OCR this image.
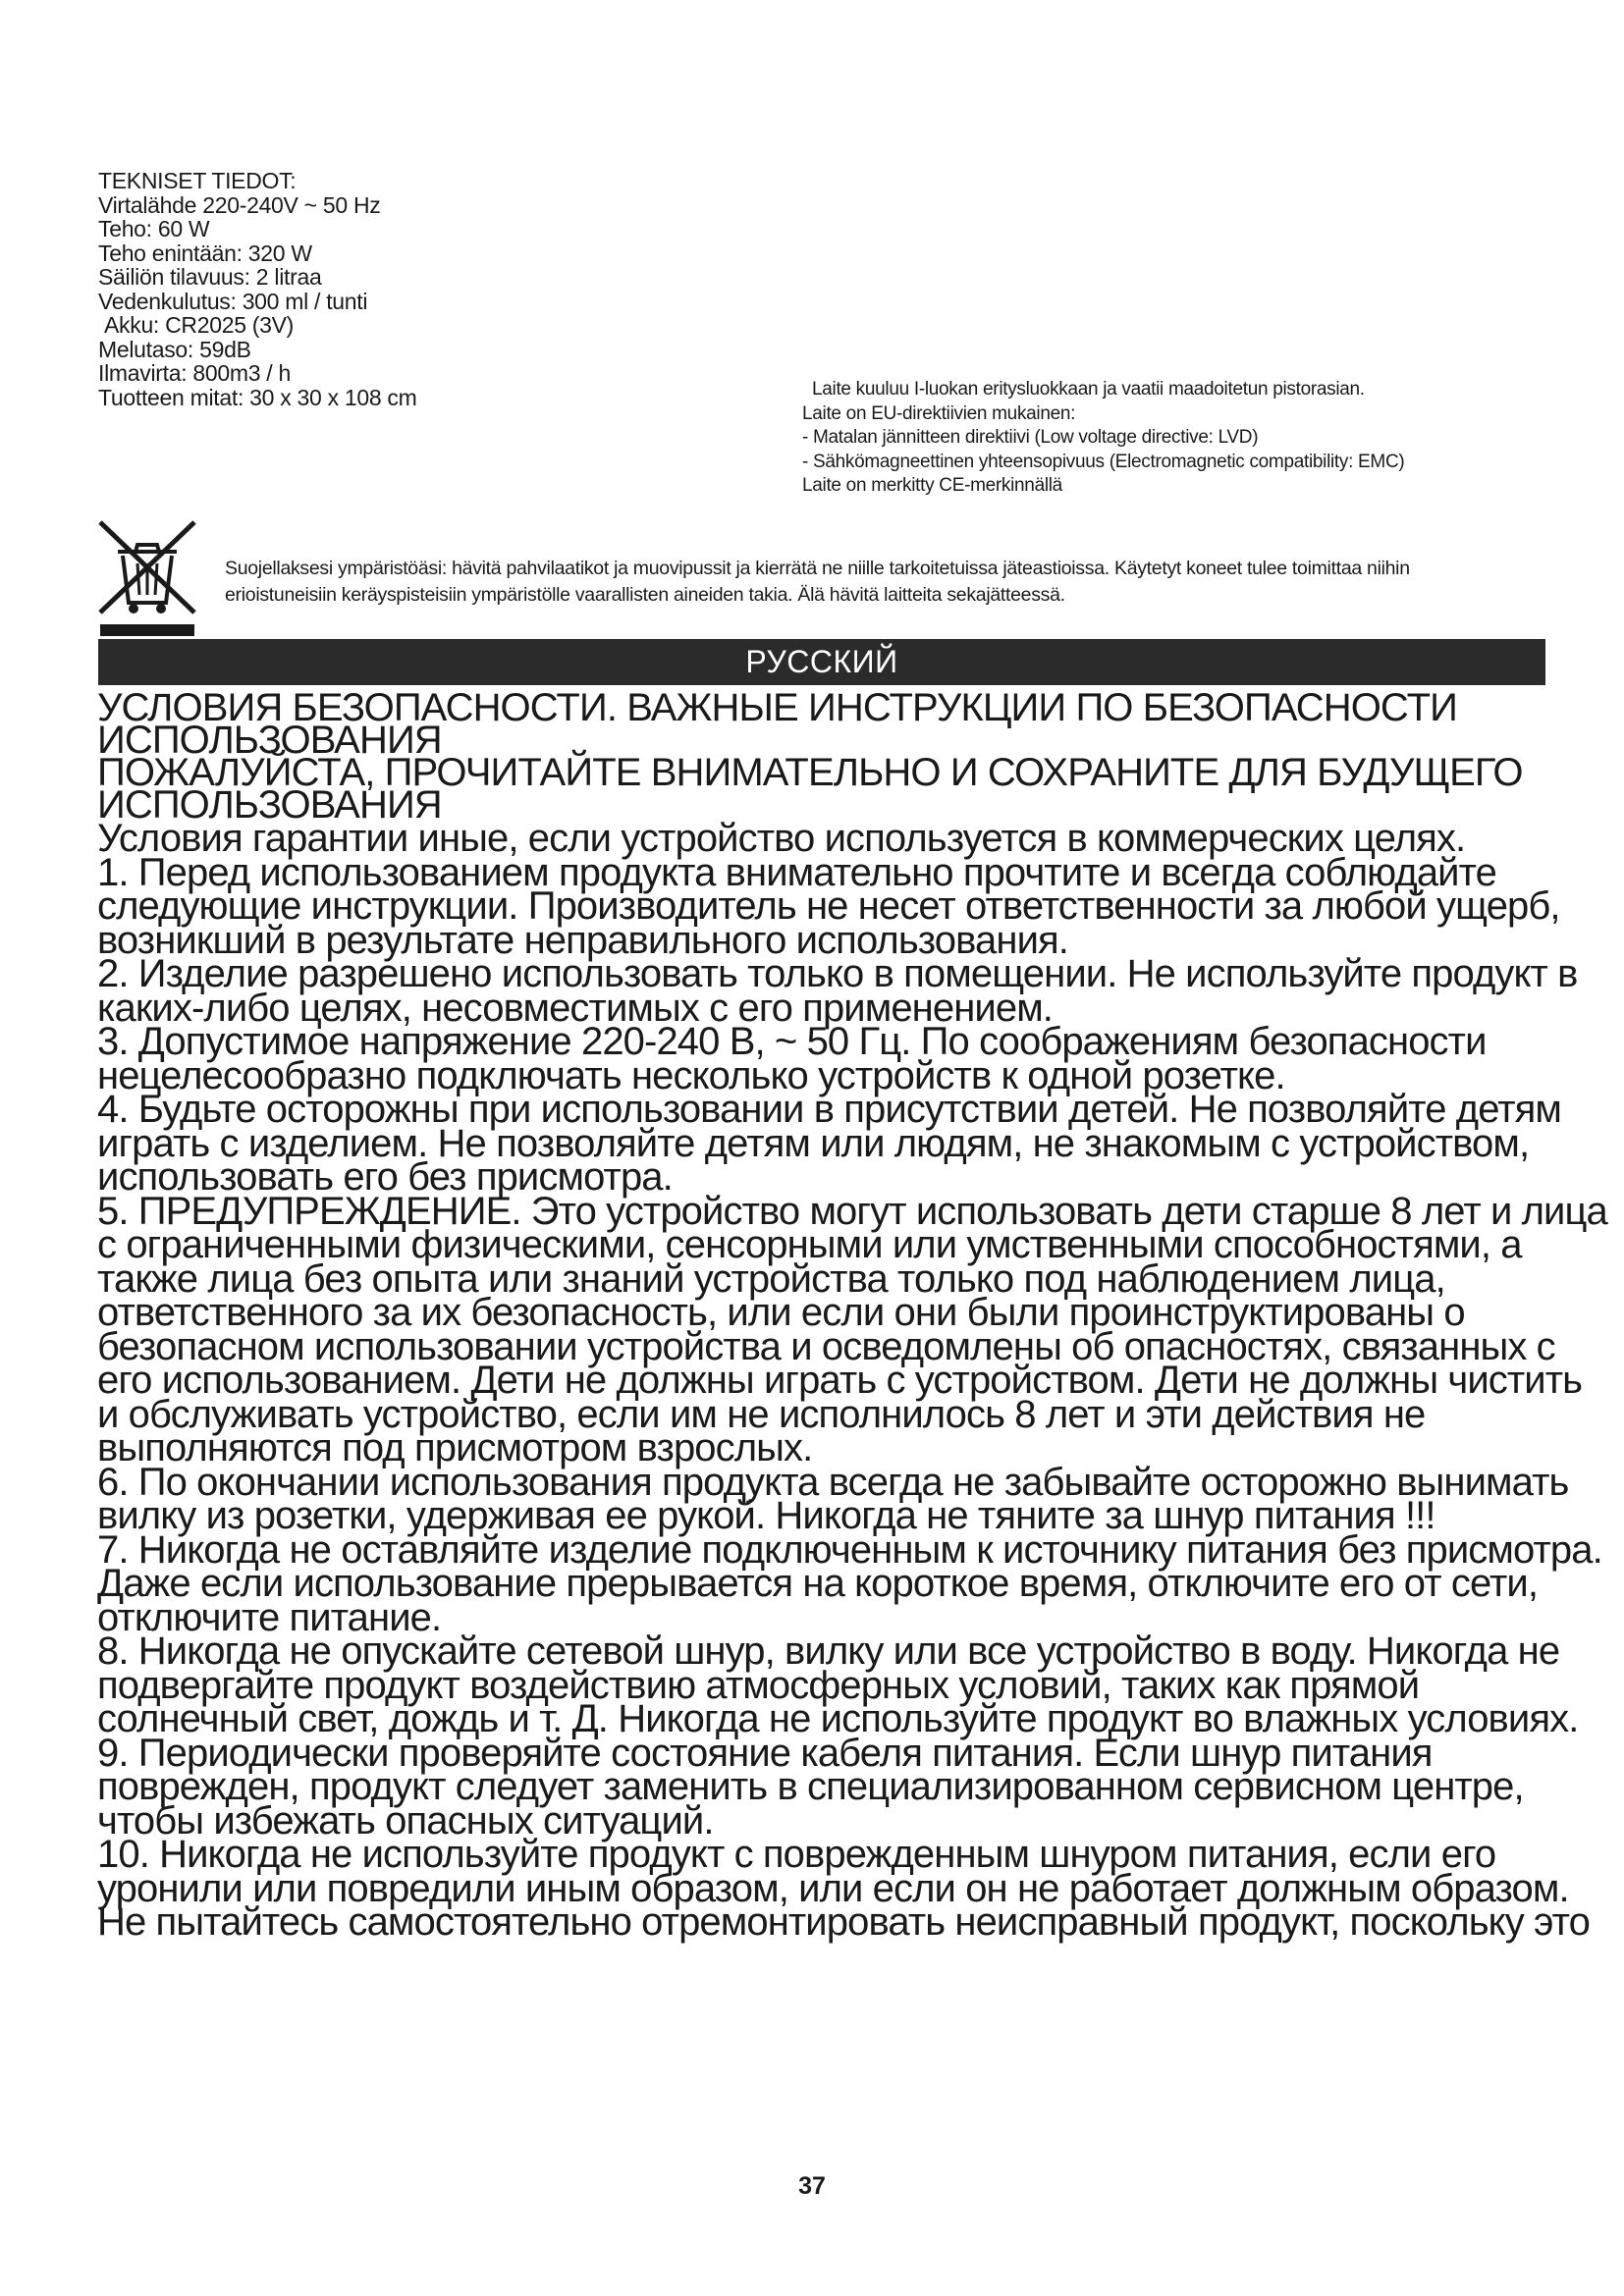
TEKNISET TIEDOT:
Virtalähde 220-240V ~ 50 Hz
Teho: 60 W
Teho enintään: 320 W
Säiliön tilavuus: 2 litraa
Vedenkulutus: 300 ml / tunti
Akku: CR2025 (3V)
Melutaso: 59dB
Ilmavirta: 800m3 / h
Tuotteen mitat: 30 x 30 x 108 cm	Laite kuuluu I-luokan eritysluokkaan ja vaatii maadoitetun pistorasian.
Laite on EU-direktiivien mukainen:
- Matalan jännitteen direktiivi (Low voltage directive: LVD)
- Sähkömagneettinen yhteensopivuus (Electromagnetic compatibility: EMC)
Laite on merkitty CE-merkinnällä
Suojellaksesi ympäristöäsi: hävitä pahvilaatikot ja muovipussit ja kierrätä ne niille tarkoitetuissa jäteastioissa. Käytetyt koneet tulee toimittaa niihin
erioistuneisiin keräyspisteisiin ympäristölle vaarallisten aineiden takia. Älä hävitä laitteita sekajätteessä.
РУССКИЙ
УСЛОВИЯ БЕЗОПАСНОСТИ. ВАЖНЫЕ ИНСТРУКЦИИ ПО БЕЗОПАСНОСТИ
ИСПОЛЬЗОВАНИЯ
ПОЖАЛУЙСТА, ПРОЧИТАЙТЕ ВНИМАТЕЛЬНО И СОХРАНИТЕ ДЛЯ БУДУЩЕГО
ИСПОЛЬЗОВАНИЯ
Условия гарантии иные, если устройство используется в коммерческих целях.
1. Перед использованием продукта внимательно прочтите и всегда соблюдайте
следующие инструкции. Производитель не несет ответственности за любой ущерб,
возникший в результате неправильного использования.
2. Изделие разрешено использовать только в помещении. Не используйте продукт в
каких-либо целях, несовместимых с его применением.
3. Допустимое напряжение 220-240 В, ~ 50 Гц. По соображениям безопасности
нецелесообразно подключать несколько устройств к одной розетке.
4. Будьте осторожны при использовании в присутствии детей. Не позволяйте детям
играть с изделием. Не позволяйте детям или людям, не знакомым с устройством,
использовать его без присмотра.
5. ПРЕДУПРЕЖДЕНИЕ. Это устройство могут использовать дети старше 8 лет и лица
с ограниченными физическими, сенсорными или умственными способностями, а
также лица без опыта или знаний устройства только под наблюдением лица,
ответственного за их безопасность, или если они были проинструктированы о
безопасном использовании устройства и осведомлены об опасностях, связанных с
его использованием. Дети не должны играть с устройством. Дети не должны чистить
и обслуживать устройство, если им не исполнилось 8 лет и эти действия не
выполняются под присмотром взрослых.
6. По окончании использования продукта всегда не забывайте осторожно вынимать
вилку из розетки, удерживая ее рукой. Никогда не тяните за шнур питания !!!
7. Никогда не оставляйте изделие подключенным к источнику питания без присмотра.
Даже если использование прерывается на короткое время, отключите его от сети,
отключите питание.
8. Никогда не опускайте сетевой шнур, вилку или все устройство в воду. Никогда не
подвергайте продукт воздействию атмосферных условий, таких как прямой
солнечный свет, дождь и т. Д. Никогда не используйте продукт во влажных условиях.
9. Периодически проверяйте состояние кабеля питания. Если шнур питания
поврежден, продукт следует заменить в специализированном сервисном центре,
чтобы избежать опасных ситуаций.
10. Никогда не используйте продукт с поврежденным шнуром питания, если его
уронили или повредили иным образом, или если он не работает должным образом.
Не пытайтесь самостоятельно отремонтировать неисправный продукт, поскольку это
37
